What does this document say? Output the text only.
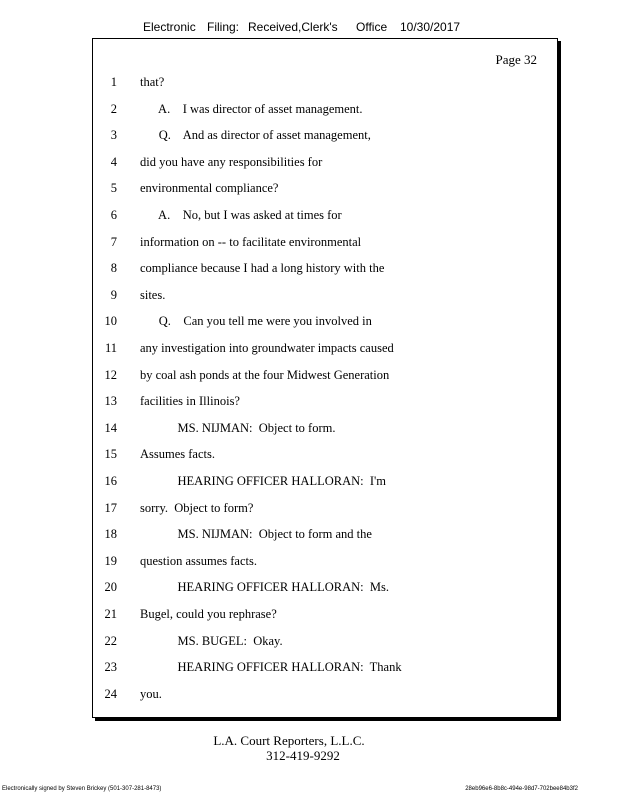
Electronic Filing: Received,Clerk's Office 10/30/2017
Page 32
1 that?
2 A.    I was director of asset management.
3 Q.    And as director of asset management,
4 did you have any responsibilities for
5 environmental compliance?
6 A.    No, but I was asked at times for
7 information on -- to facilitate environmental
8 compliance because I had a long history with the
9 sites.
10 Q.    Can you tell me were you involved in
11 any investigation into groundwater impacts caused
12 by coal ash ponds at the four Midwest Generation
13 facilities in Illinois?
14 MS. NIJMAN:  Object to form.
15 Assumes facts.
16 HEARING OFFICER HALLORAN:  I'm
17 sorry.  Object to form?
18 MS. NIJMAN:  Object to form and the
19 question assumes facts.
20 HEARING OFFICER HALLORAN:  Ms.
21 Bugel, could you rephrase?
22 MS. BUGEL:  Okay.
23 HEARING OFFICER HALLORAN:  Thank
24 you.
L.A. Court Reporters, L.L.C.
312-419-9292
Electronically signed by Steven Brickey (501-307-281-8473)	28eb96e6-8b8c-494e-98d7-702bee84b3f2
